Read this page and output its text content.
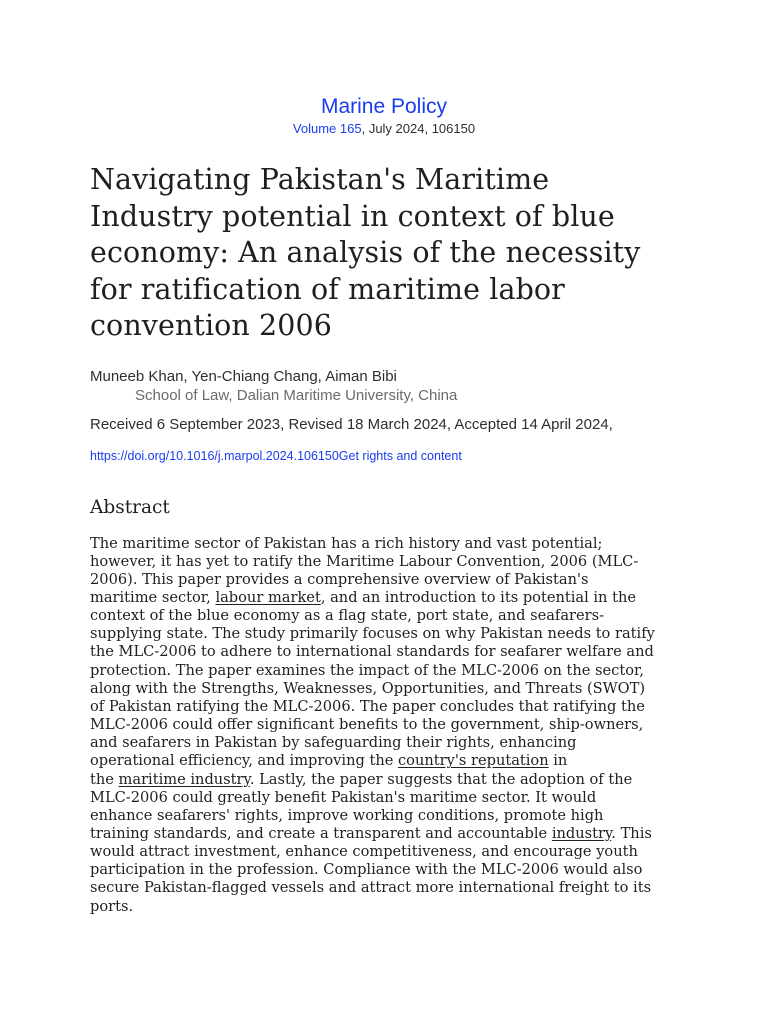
Marine Policy
Volume 165, July 2024, 106150
Navigating Pakistan's Maritime
Industry potential in context of blue
economy: An analysis of the necessity
for ratification of maritime labor
convention 2006
Muneeb Khan, Yen-Chiang Chang, Aiman Bibi
School of Law, Dalian Maritime University, China
Received 6 September 2023, Revised 18 March 2024, Accepted 14 April 2024,
https://doi.org/10.1016/j.marpol.2024.106150Get rights and content
Abstract
The maritime sector of Pakistan has a rich history and vast potential;
however, it has yet to ratify the Maritime Labour Convention, 2006 (MLC-
2006). This paper provides a comprehensive overview of Pakistan's
maritime sector, labour market, and an introduction to its potential in the
context of the blue economy as a flag state, port state, and seafarers-
supplying state. The study primarily focuses on why Pakistan needs to ratify
the MLC-2006 to adhere to international standards for seafarer welfare and
protection. The paper examines the impact of the MLC-2006 on the sector,
along with the Strengths, Weaknesses, Opportunities, and Threats (SWOT)
of Pakistan ratifying the MLC-2006. The paper concludes that ratifying the
MLC-2006 could offer significant benefits to the government, ship-owners,
and seafarers in Pakistan by safeguarding their rights, enhancing
operational efficiency, and improving the country's reputation in
the maritime industry. Lastly, the paper suggests that the adoption of the
MLC-2006 could greatly benefit Pakistan's maritime sector. It would
enhance seafarers' rights, improve working conditions, promote high
training standards, and create a transparent and accountable industry. This
would attract investment, enhance competitiveness, and encourage youth
participation in the profession. Compliance with the MLC-2006 would also
secure Pakistan-flagged vessels and attract more international freight to its
ports.
